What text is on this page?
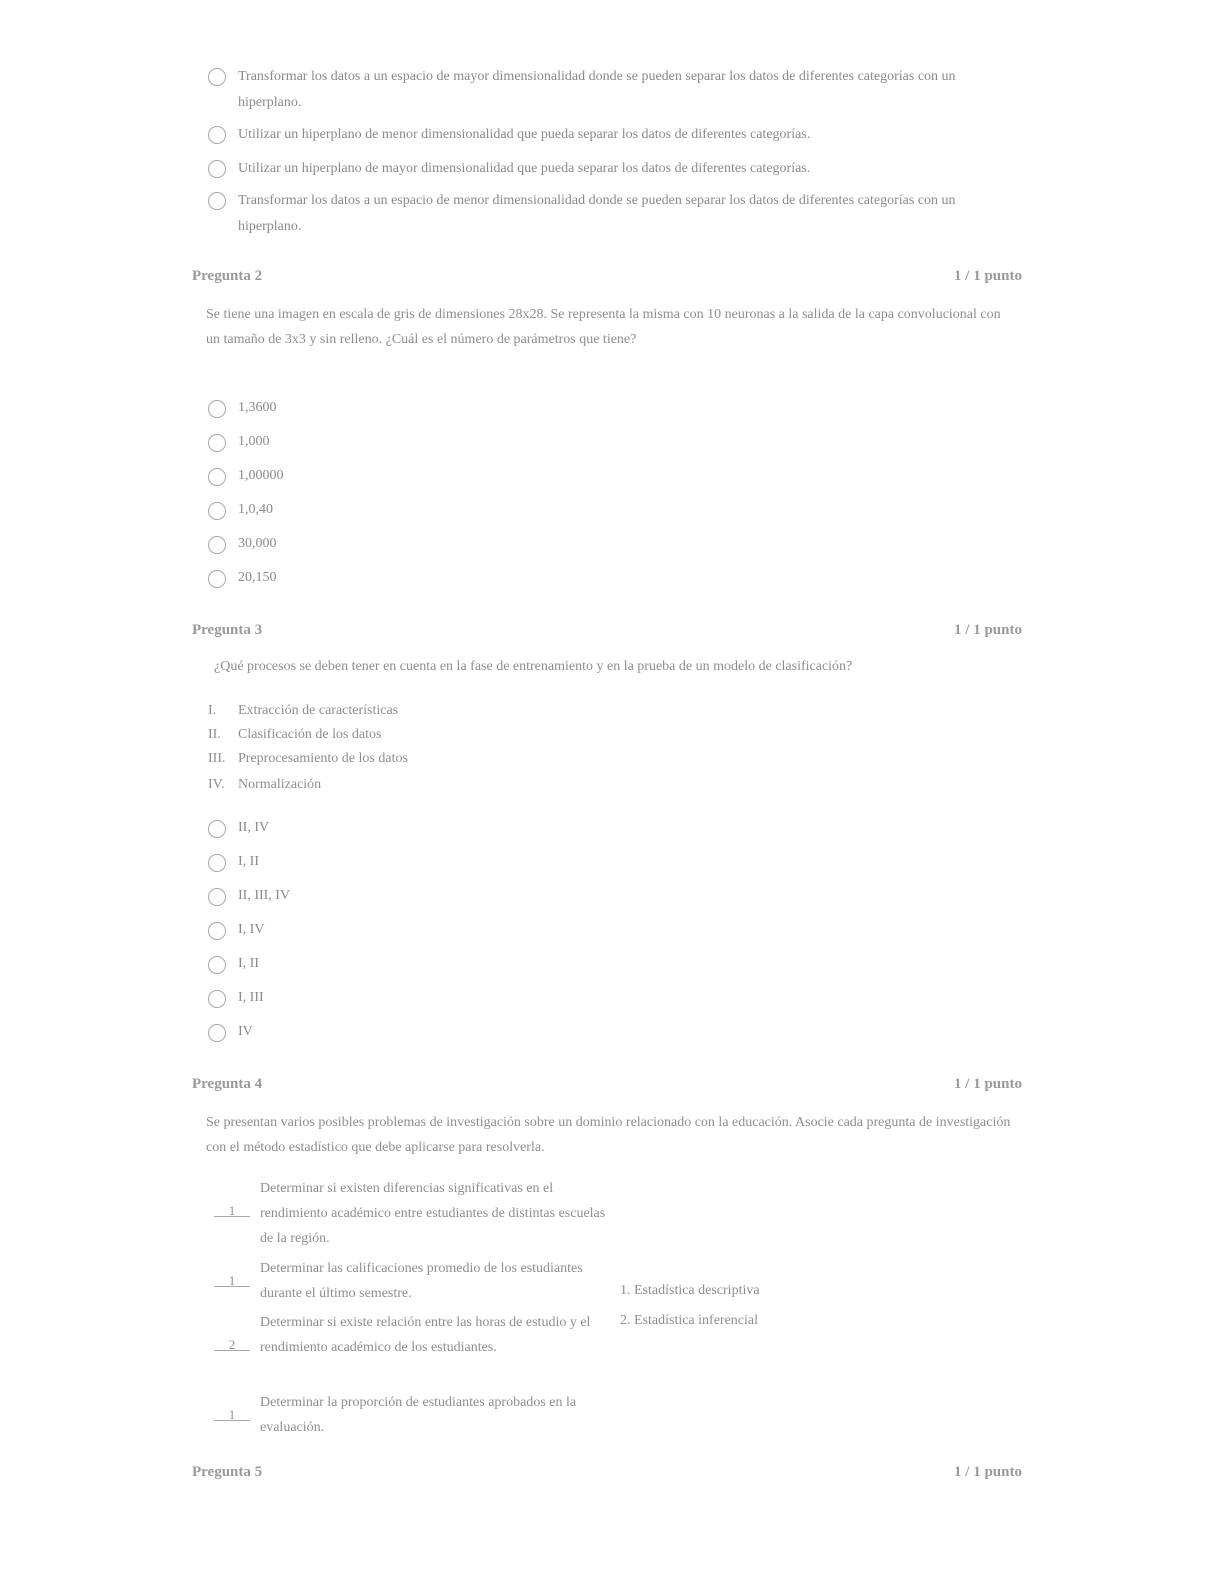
Transformar los datos a un espacio de mayor dimensionalidad donde se pueden separar los datos de diferentes categorías con un hiperplano.
Utilizar un hiperplano de menor dimensionalidad que pueda separar los datos de diferentes categorías.
Utilizar un hiperplano de mayor dimensionalidad que pueda separar los datos de diferentes categorías.
Transformar los datos a un espacio de menor dimensionalidad donde se pueden separar los datos de diferentes categorías con un hiperplano.
Pregunta 2	1 / 1 punto
Se tiene una imagen en escala de gris de dimensiones 28x28. Se representa la misma con 10 neuronas a la salida de la capa convolucional con un tamaño de 3x3 y sin relleno. ¿Cuál es el número de parámetros que tiene?
1,3600
1,000
1,00000
1,0,40
30,000
20,150
Pregunta 3	1 / 1 punto
¿Qué procesos se deben tener en cuenta en la fase de entrenamiento y en la prueba de un modelo de clasificación?
I. Extracción de características
II. Clasificación de los datos
III. Preprocesamiento de los datos
IV. Normalización
II, IV
I, II
II, III, IV
I, IV
I, II
I, III
IV
Pregunta 4	1 / 1 punto
Se presentan varios posibles problemas de investigación sobre un dominio relacionado con la educación. Asocie cada pregunta de investigación con el método estadístico que debe aplicarse para resolverla.
1
Determinar si existen diferencias significativas en el rendimiento académico entre estudiantes de distintas escuelas de la región.
1
Determinar las calificaciones promedio de los estudiantes durante el último semestre.
2
Determinar si existe relación entre las horas de estudio y el rendimiento académico de los estudiantes.
1
Determinar la proporción de estudiantes aprobados en la evaluación.
1. Estadística descriptiva
2. Estadística inferencial
Pregunta 5	1 / 1 punto
